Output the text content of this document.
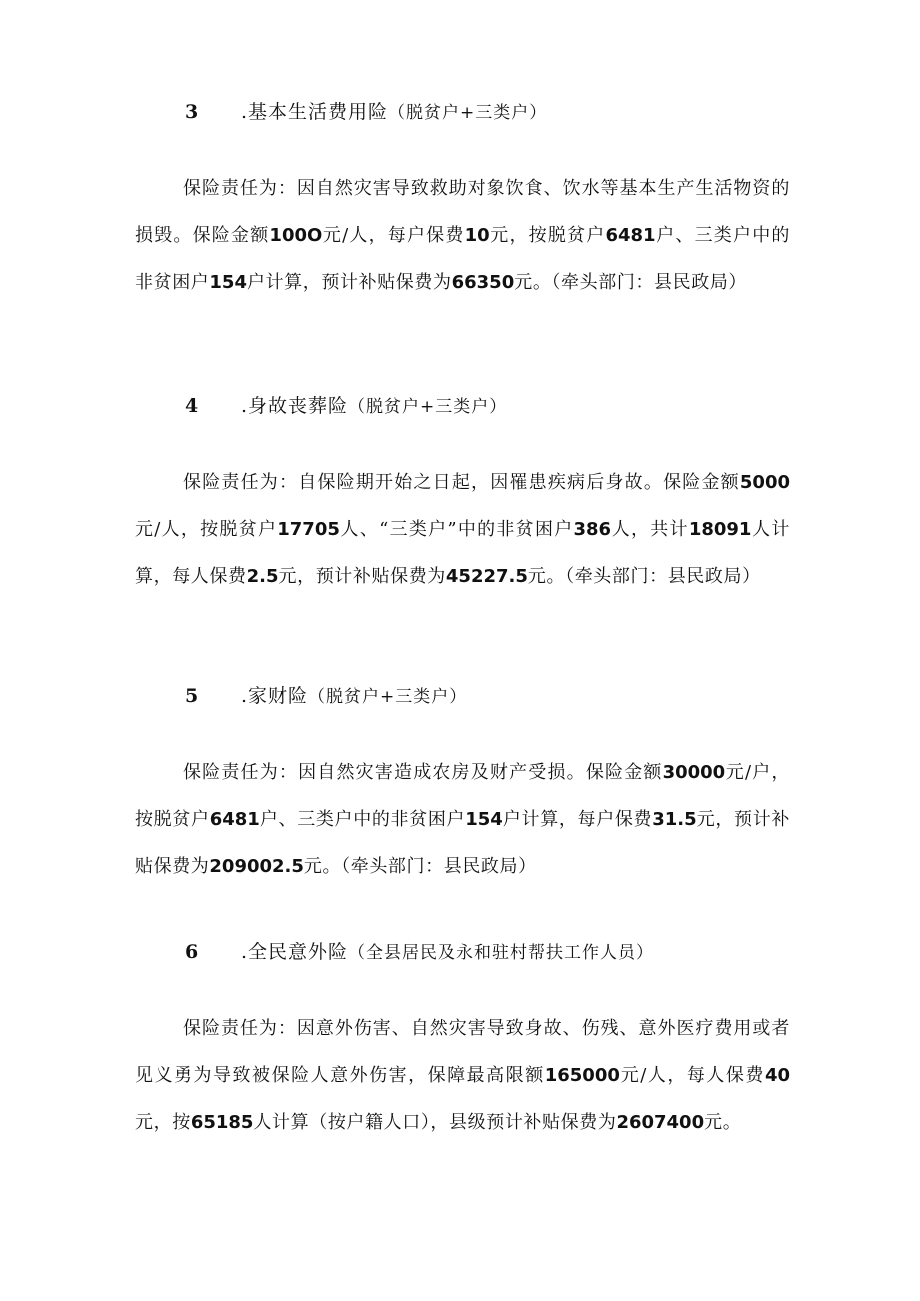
3 .基本生活费用险（脱贫户+三类户）

保险责任为：因自然灾害导致救助对象饮食、饮水等基本生产生活物资的损毁。保险金额100O元/人，每户保费10元，按脱贫户6481户、三类户中的非贫困户154户计算，预计补贴保费为66350元。（牵头部门：县民政局）

4 .身故丧葬险（脱贫户+三类户）

保险责任为：自保险期开始之日起，因罹患疾病后身故。保险金额5000元/人，按脱贫户17705人、“三类户”中的非贫困户386人，共计18091人计算，每人保费2.5元，预计补贴保费为45227.5元。（牵头部门：县民政局）

5 .家财险（脱贫户+三类户）

保险责任为：因自然灾害造成农房及财产受损。保险金额30000元/户，按脱贫户6481户、三类户中的非贫困户154户计算，每户保费31.5元，预计补贴保费为209002.5元。（牵头部门：县民政局）

6 .全民意外险（全县居民及永和驻村帮扶工作人员）

保险责任为：因意外伤害、自然灾害导致身故、伤残、意外医疗费用或者见义勇为导致被保险人意外伤害，保障最高限额165000元/人，每人保费40元，按65185人计算（按户籍人口），县级预计补贴保费为2607400元。
